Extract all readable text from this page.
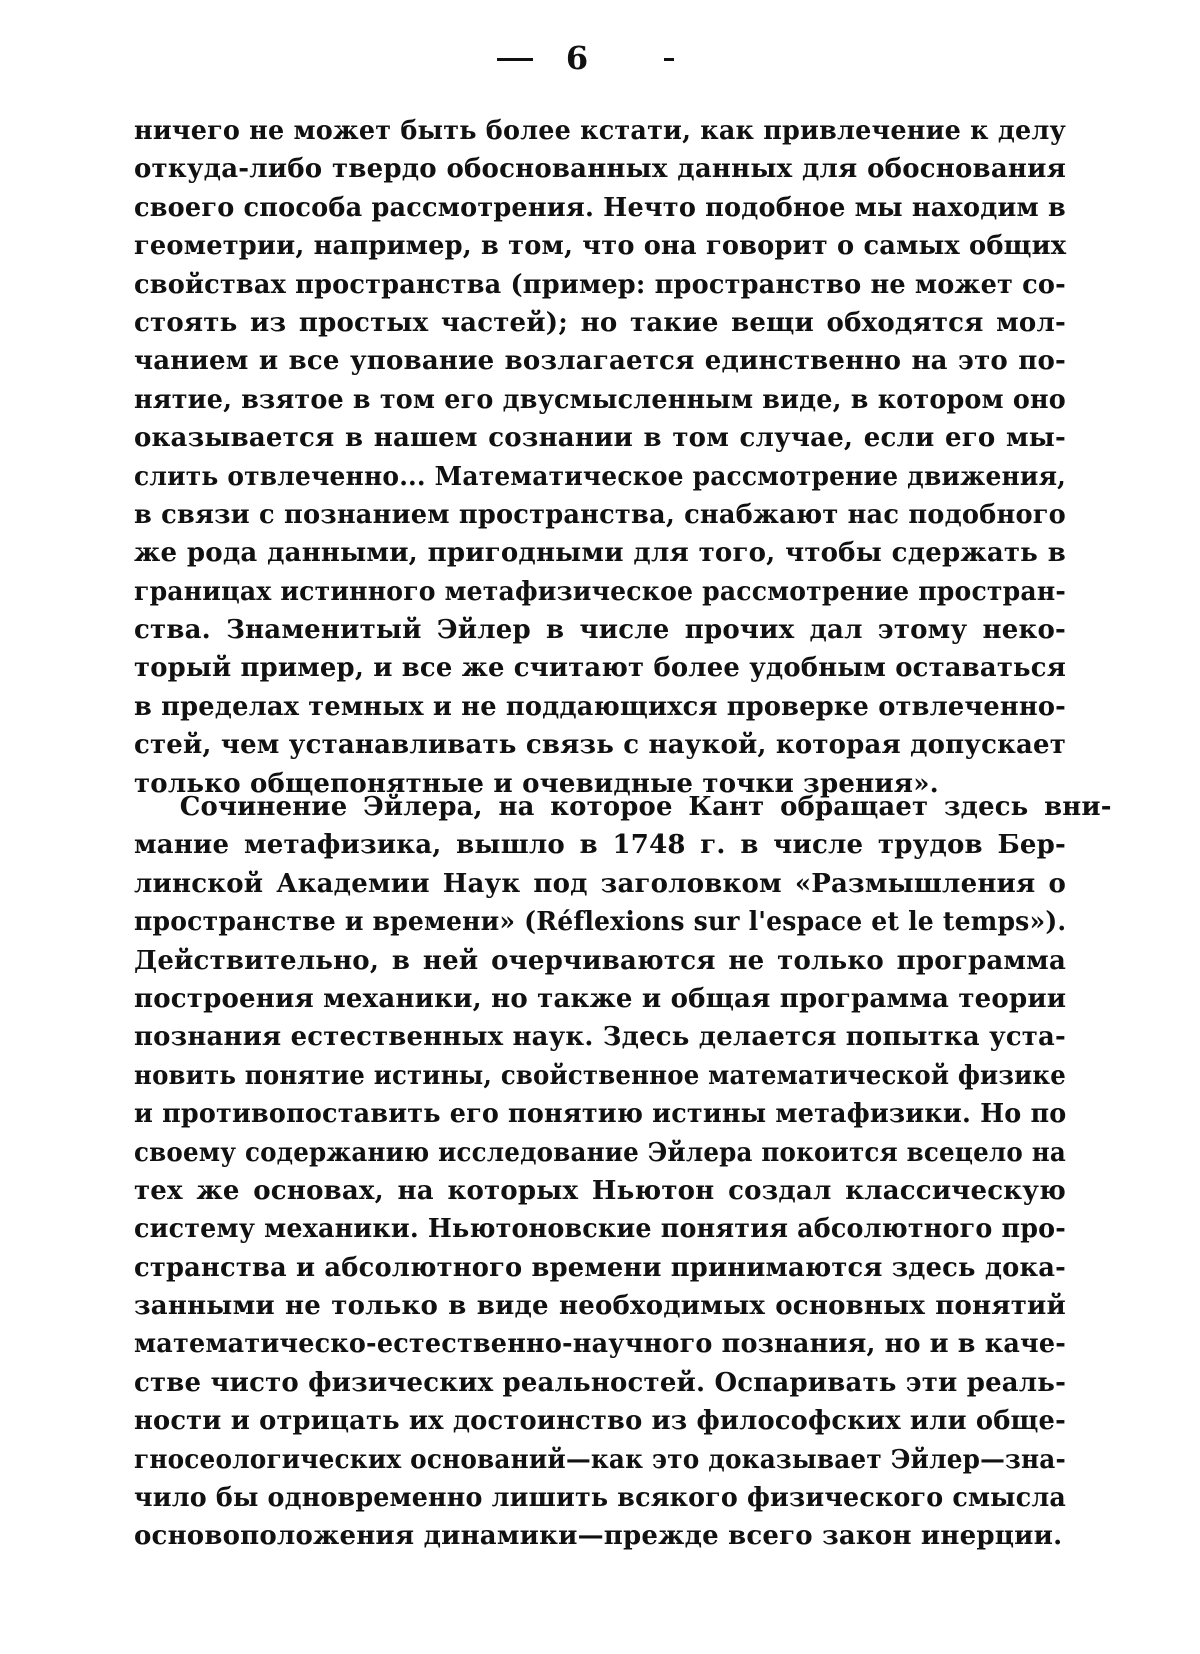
6
ничего не может быть более кстати, как привлечение к делу
откуда-либо твердо обоснованных данных для обоснования
своего способа рассмотрения. Нечто подобное мы находим в
геометрии, например, в том, что она говорит о самых общих
свойствах пространства (пример: пространство не может со-
стоять из простых частей); но такие вещи обходятся мол-
чанием и все упование возлагается единственно на это по-
нятие, взятое в том его двусмысленным виде, в котором оно
оказывается в нашем сознании в том случае, если его мы-
слить отвлеченно... Математическое рассмотрение движения,
в связи с познанием пространства, снабжают нас подобного
же рода данными, пригодными для того, чтобы сдержать в
границах истинного метафизическое рассмотрение простран-
ства. Знаменитый Эйлер в числе прочих дал этому неко-
торый пример, и все же считают более удобным оставаться
в пределах темных и не поддающихся проверке отвлеченно-
стей, чем устанавливать связь с наукой, которая допускает
только общепонятные и очевидные точки зрения».
Сочинение Эйлера, на которое Кант обращает здесь вни-
мание метафизика, вышло в 1748 г. в числе трудов Бер-
линской Академии Наук под заголовком «Размышления о
пространстве и времени» (Réflexions sur l'espace et le temps»).
Действительно, в ней очерчиваются не только программа
построения механики, но также и общая программа теории
познания естественных наук. Здесь делается попытка уста-
новить понятие истины, свойственное математической физике
и противопоставить его понятию истины метафизики. Но по
своему содержанию исследование Эйлера покоится всецело на
тех же основах, на которых Ньютон создал классическую
систему механики. Ньютоновские понятия абсолютного про-
странства и абсолютного времени принимаются здесь дока-
занными не только в виде необходимых основных понятий
математическо-естественно-научного познания, но и в каче-
стве чисто физических реальностей. Оспаривать эти реаль-
ности и отрицать их достоинство из философских или обще-
гносеологических оснований—как это доказывает Эйлер—зна-
чило бы одновременно лишить всякого физического смысла
основоположения динамики—прежде всего закон инерции.
